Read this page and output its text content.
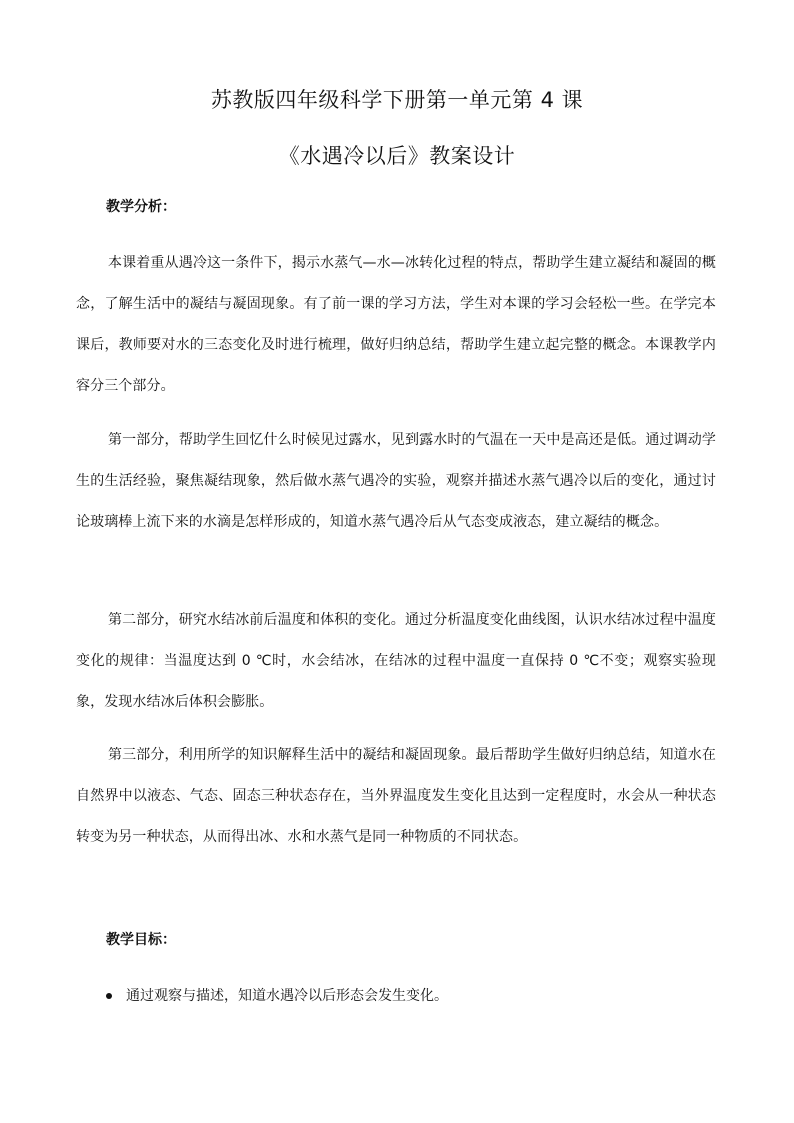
苏教版四年级科学下册第一单元第 4 课
《水遇冷以后》教案设计
教学分析：

本课着重从遇冷这一条件下，揭示水蒸气—水—冰转化过程的特点，帮助学生建立凝结和凝固的概念，了解生活中的凝结与凝固现象。有了前一课的学习方法，学生对本课的学习会轻松一些。在学完本课后，教师要对水的三态变化及时进行梳理，做好归纳总结，帮助学生建立起完整的概念。本课教学内容分三个部分。

第一部分，帮助学生回忆什么时候见过露水，见到露水时的气温在一天中是高还是低。通过调动学生的生活经验，聚焦凝结现象，然后做水蒸气遇冷的实验，观察并描述水蒸气遇冷以后的变化，通过讨论玻璃棒上流下来的水滴是怎样形成的，知道水蒸气遇冷后从气态变成液态，建立凝结的概念。

第二部分，研究水结冰前后温度和体积的变化。通过分析温度变化曲线图，认识水结冰过程中温度变化的规律：当温度达到 0 ℃时，水会结冰，在结冰的过程中温度一直保持 0 ℃不变；观察实验现象，发现水结冰后体积会膨胀。

第三部分，利用所学的知识解释生活中的凝结和凝固现象。最后帮助学生做好归纳总结，知道水在自然界中以液态、气态、固态三种状态存在，当外界温度发生变化且达到一定程度时，水会从一种状态转变为另一种状态，从而得出冰、水和水蒸气是同一种物质的不同状态。

教学目标：
通过观察与描述，知道水遇冷以后形态会发生变化。
